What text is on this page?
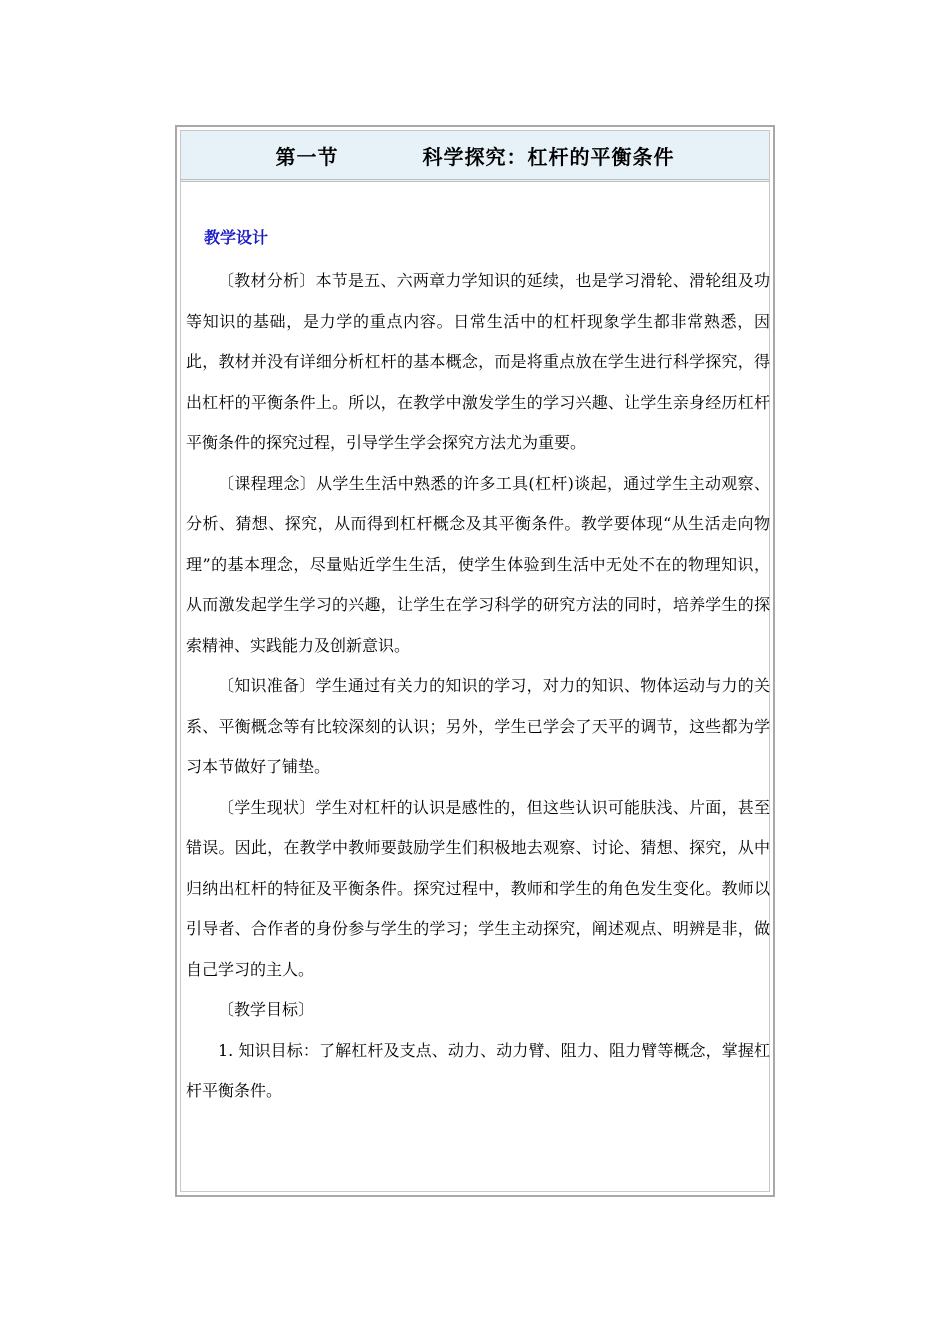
第一节　　　　科学探究：杠杆的平衡条件
教学设计

〔教材分析〕本节是五、六两章力学知识的延续，也是学习滑轮、滑轮组及功等知识的基础，是力学的重点内容。日常生活中的杠杆现象学生都非常熟悉，因此，教材并没有详细分析杠杆的基本概念，而是将重点放在学生进行科学探究，得出杠杆的平衡条件上。所以，在教学中激发学生的学习兴趣、让学生亲身经历杠杆平衡条件的探究过程，引导学生学会探究方法尤为重要。

〔课程理念〕从学生生活中熟悉的许多工具(杠杆)谈起，通过学生主动观察、分析、猜想、探究，从而得到杠杆概念及其平衡条件。教学要体现“从生活走向物理”的基本理念，尽量贴近学生生活，使学生体验到生活中无处不在的物理知识，从而激发起学生学习的兴趣，让学生在学习科学的研究方法的同时，培养学生的探索精神、实践能力及创新意识。

〔知识准备〕学生通过有关力的知识的学习，对力的知识、物体运动与力的关系、平衡概念等有比较深刻的认识；另外，学生已学会了天平的调节，这些都为学习本节做好了铺垫。

〔学生现状〕学生对杠杆的认识是感性的，但这些认识可能肤浅、片面，甚至错误。因此，在教学中教师要鼓励学生们积极地去观察、讨论、猜想、探究，从中归纳出杠杆的特征及平衡条件。探究过程中，教师和学生的角色发生变化。教师以引导者、合作者的身份参与学生的学习；学生主动探究，阐述观点、明辨是非，做自己学习的主人。

〔教学目标〕

1. 知识目标：了解杠杆及支点、动力、动力臂、阻力、阻力臂等概念，掌握杠杆平衡条件。
